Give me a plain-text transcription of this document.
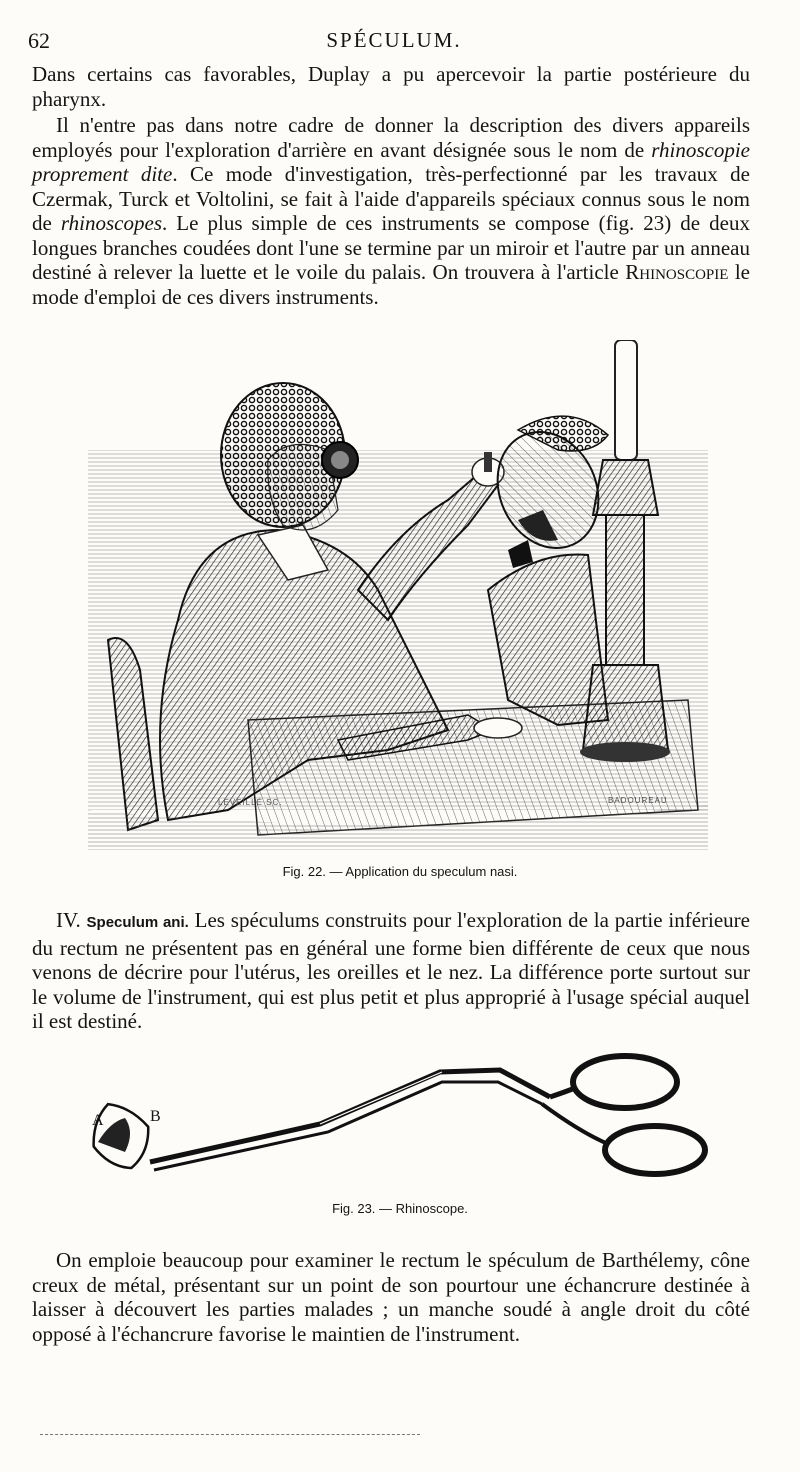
62	SPÉCULUM.

Dans certains cas favorables, Duplay a pu apercevoir la partie postérieure du pharynx.

Il n'entre pas dans notre cadre de donner la description des divers appareils employés pour l'exploration d'arrière en avant désignée sous le nom de rhinoscopie proprement dite. Ce mode d'investigation, très-perfectionné par les travaux de Czermak, Turck et Voltolini, se fait à l'aide d'appareils spéciaux connus sous le nom de rhinoscopes. Le plus simple de ces instruments se compose (fig. 23) de deux longues branches coudées dont l'une se termine par un miroir et l'autre par un anneau destiné à relever la luette et le voile du palais. On trouvera à l'article Rhinoscopie le mode d'emploi de ces divers instruments.

LEVEILLÉ SC.	BADOUREAU
Fig. 22. — Application du speculum nasi.

IV. Speculum ani. Les spéculums construits pour l'exploration de la partie inférieure du rectum ne présentent pas en général une forme bien différente de ceux que nous venons de décrire pour l'utérus, les oreilles et le nez. La différence porte surtout sur le volume de l'instrument, qui est plus petit et plus approprié à l'usage spécial auquel il est destiné.

A	B
Fig. 23. — Rhinoscope.

On emploie beaucoup pour examiner le rectum le spéculum de Barthélemy, cône creux de métal, présentant sur un point de son pourtour une échancrure destinée à laisser à découvert les parties malades ; un manche soudé à angle droit du côté opposé à l'échancrure favorise le maintien de l'instrument.
